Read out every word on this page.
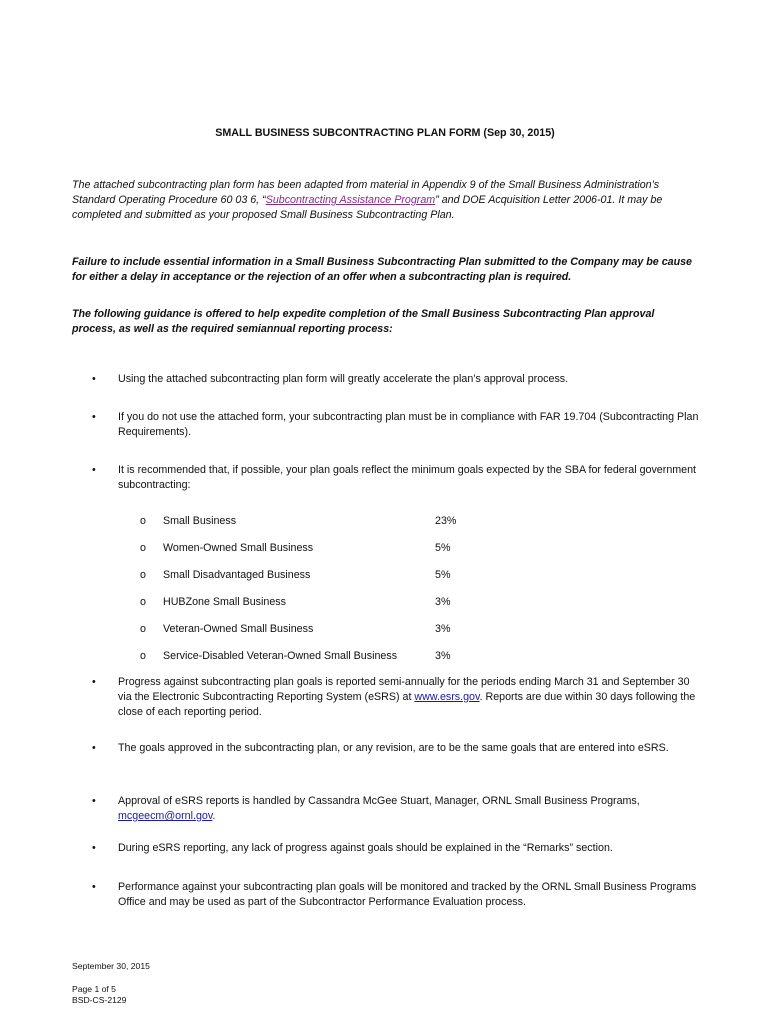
SMALL BUSINESS SUBCONTRACTING PLAN FORM (Sep 30, 2015)
The attached subcontracting plan form has been adapted from material in Appendix 9 of the Small Business Administration’s Standard Operating Procedure 60 03 6, “Subcontracting Assistance Program” and DOE Acquisition Letter 2006-01. It may be completed and submitted as your proposed Small Business Subcontracting Plan.
Failure to include essential information in a Small Business Subcontracting Plan submitted to the Company may be cause for either a delay in acceptance or the rejection of an offer when a subcontracting plan is required.
The following guidance is offered to help expedite completion of the Small Business Subcontracting Plan approval process, as well as the required semiannual reporting process:
•	Using the attached subcontracting plan form will greatly accelerate the plan’s approval process.
•	If you do not use the attached form, your subcontracting plan must be in compliance with FAR 19.704 (Subcontracting Plan Requirements).
•	It is recommended that, if possible, your plan goals reflect the minimum goals expected by the SBA for federal government subcontracting:
o Small Business	23%
o Women-Owned Small Business	5%
o Small Disadvantaged Business	5%
o HUBZone Small Business	3%
o Veteran-Owned Small Business	3%
o Service-Disabled Veteran-Owned Small Business	3%
•	Progress against subcontracting plan goals is reported semi-annually for the periods ending March 31 and September 30 via the Electronic Subcontracting Reporting System (eSRS) at www.esrs.gov. Reports are due within 30 days following the close of each reporting period.
•	The goals approved in the subcontracting plan, or any revision, are to be the same goals that are entered into eSRS.
•	Approval of eSRS reports is handled by Cassandra McGee Stuart, Manager, ORNL Small Business Programs, mcgeecm@ornl.gov.
•	During eSRS reporting, any lack of progress against goals should be explained in the “Remarks” section.
•	Performance against your subcontracting plan goals will be monitored and tracked by the ORNL Small Business Programs Office and may be used as part of the Subcontractor Performance Evaluation process.
September 30, 2015
Page 1 of 5
BSD-CS-2129
